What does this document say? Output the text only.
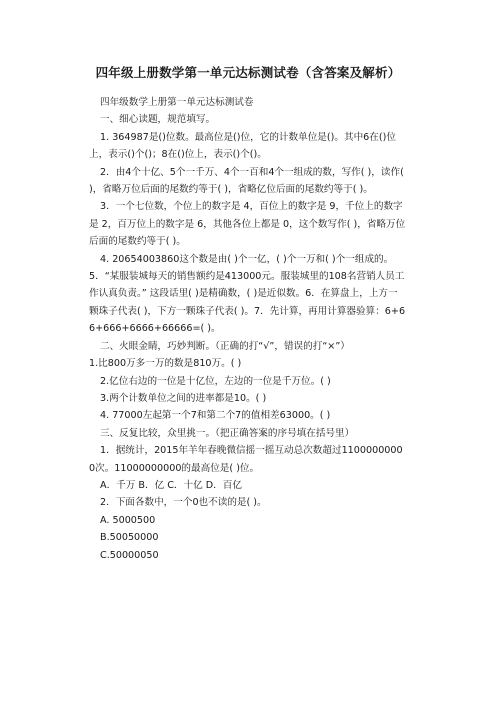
四年级上册数学第一单元达标测试卷（含答案及解析）

四年级数学上册第一单元达标测试卷

一、细心读题，规范填写。

1. 364987是()位数。最高位是()位，它的计数单位是()。其中6在()位上，表示()个()；8在()位上，表示()个()。

2．由4个十亿、5个一千万、4个一百和4个一组成的数，写作( )，读作( )，省略万位后面的尾数约等于( )，省略亿位后面的尾数约等于( )。

3．一个七位数，个位上的数字是 4，百位上的数字是 9，千位上的数字是 2，百万位上的数字是 6，其他各位上都是 0，这个数写作( )，省略万位后面的尾数约等于( )。

4. 20654003860这个数是由( )个一亿，( )个一万和( )个一组成的。 5．“某服装城每天的销售额约是413000元。服装城里的108名营销人员工作认真负责。” 这段话里( )是精确数，( )是近似数。6．在算盘上，上方一颗珠子代表( )，下方一颗珠子代表( )。7．先计算，再用计算器验算：6+66+666+6666+66666=( )。

二、火眼金睛，巧妙判断。（正确的打“√”，错误的打“×”）

1.比800万多一万的数是810万。( )

2.亿位右边的一位是十亿位，左边的一位是千万位。( )

3.两个计数单位之间的进率都是10。( )

4. 77000左起第一个7和第二个7的值相差63000。( )

三、反复比较，众里挑一。（把正确答案的序号填在括号里）

1．据统计，2015年羊年春晚微信摇一摇互动总次数超过11000000000次。11000000000的最高位是( )位。

A．千万 B．亿 C．十亿 D．百亿

2．下面各数中，一个0也不读的是( )。

A. 5000500

B.50050000

C.50000050
